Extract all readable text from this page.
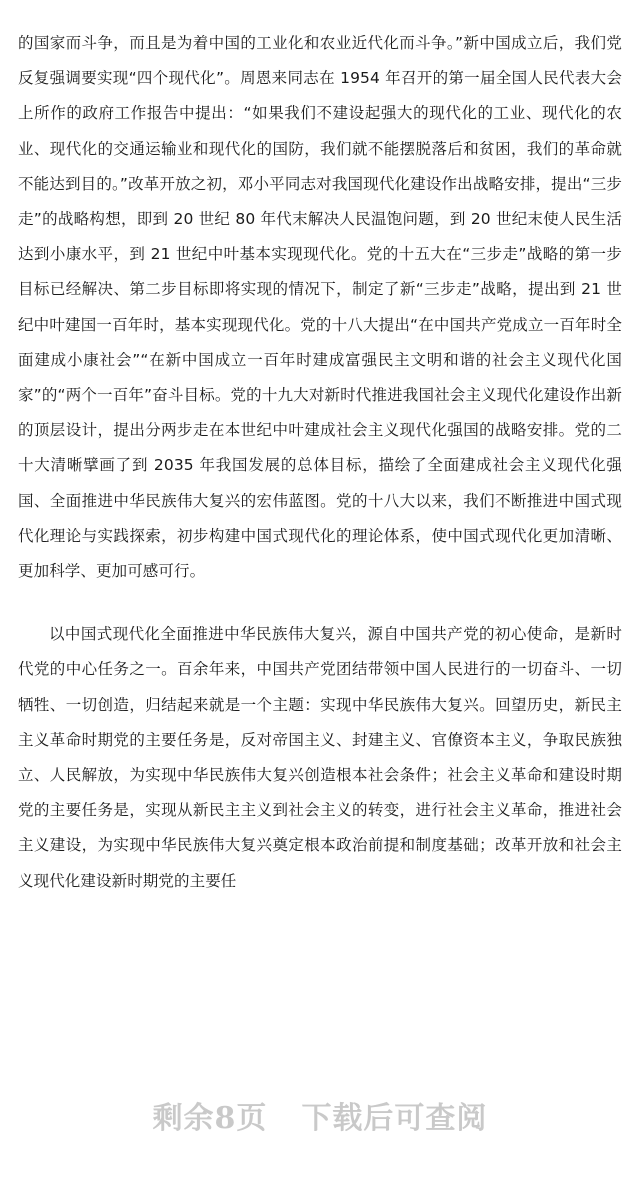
的国家而斗争，而且是为着中国的工业化和农业近代化而斗争。”新中国成立后，我们党反复强调要实现“四个现代化”。周恩来同志在 1954 年召开的第一届全国人民代表大会上所作的政府工作报告中提出：“如果我们不建设起强大的现代化的工业、现代化的农业、现代化的交通运输业和现代化的国防，我们就不能摆脱落后和贫困，我们的革命就不能达到目的。”改革开放之初，邓小平同志对我国现代化建设作出战略安排，提出“三步走”的战略构想，即到 20 世纪 80 年代末解决人民温饱问题，到 20 世纪末使人民生活达到小康水平，到 21 世纪中叶基本实现现代化。党的十五大在“三步走”战略的第一步目标已经解决、第二步目标即将实现的情况下，制定了新“三步走”战略，提出到 21 世纪中叶建国一百年时，基本实现现代化。党的十八大提出“在中国共产党成立一百年时全面建成小康社会”“在新中国成立一百年时建成富强民主文明和谐的社会主义现代化国家”的“两个一百年”奋斗目标。党的十九大对新时代推进我国社会主义现代化建设作出新的顶层设计，提出分两步走在本世纪中叶建成社会主义现代化强国的战略安排。党的二十大清晰擘画了到 2035 年我国发展的总体目标，描绘了全面建成社会主义现代化强国、全面推进中华民族伟大复兴的宏伟蓝图。党的十八大以来，我们不断推进中国式现代化理论与实践探索，初步构建中国式现代化的理论体系，使中国式现代化更加清晰、更加科学、更加可感可行。

以中国式现代化全面推进中华民族伟大复兴，源自中国共产党的初心使命，是新时代党的中心任务之一。百余年来，中国共产党团结带领中国人民进行的一切奋斗、一切牺牲、一切创造，归结起来就是一个主题：实现中华民族伟大复兴。回望历史，新民主主义革命时期党的主要任务是，反对帝国主义、封建主义、官僚资本主义，争取民族独立、人民解放，为实现中华民族伟大复兴创造根本社会条件；社会主义革命和建设时期党的主要任务是，实现从新民主主义到社会主义的转变，进行社会主义革命，推进社会主义建设，为实现中华民族伟大复兴奠定根本政治前提和制度基础；改革开放和社会主义现代化建设新时期党的主要任

剩余8页 下载后可查阅
